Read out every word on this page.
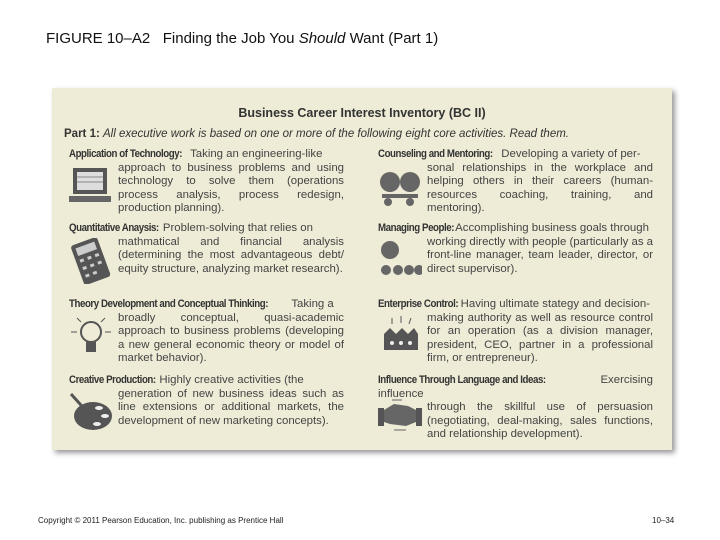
FIGURE 10–A2 Finding the Job You Should Want (Part 1)
Business Career Interest Inventory (BC II)
Part 1: All executive work is based on one or more of the following eight core activities. Read them.
Application of Technology: Taking an engineering-like
approach to business problems and using technology to solve them (operations process analysis, process redesign, production planning).
Quantitative Anaysis: Problem-solving that relies on
mathmatical and financial analysis (determining the most advantageous debt/ equity structure, analyzing market research).
Theory Development and Conceptual Thinking: Taking a
broadly conceptual, quasi-academic approach to business problems (developing a new general economic theory or model of market behavior).
Creative Production: Highly creative activities (the
generation of new business ideas such as line extensions or additional markets, the development of new marketing concepts).
Counseling and Mentoring: Developing a variety of per-
sonal relationships in the workplace and helping others in their careers (human-resources coaching, training, and mentoring).
Managing People:  Accomplishing business goals through
working directly with people (particularly as a front-line manager, team leader, director, or direct supervisor).
Enterprise Control: Having ultimate stategy and decision-
making authority as well as resource control for an operation (as a division manager, president, CEO, partner in a professional firm, or entrepreneur).
Influence Through Language and Ideas:	Exercising influence
through the skillful use of persuasion (negotiating, deal-making, sales functions, and relationship development).
Copyright © 2011 Pearson Education, Inc. publishing as Prentice Hall	10–34
